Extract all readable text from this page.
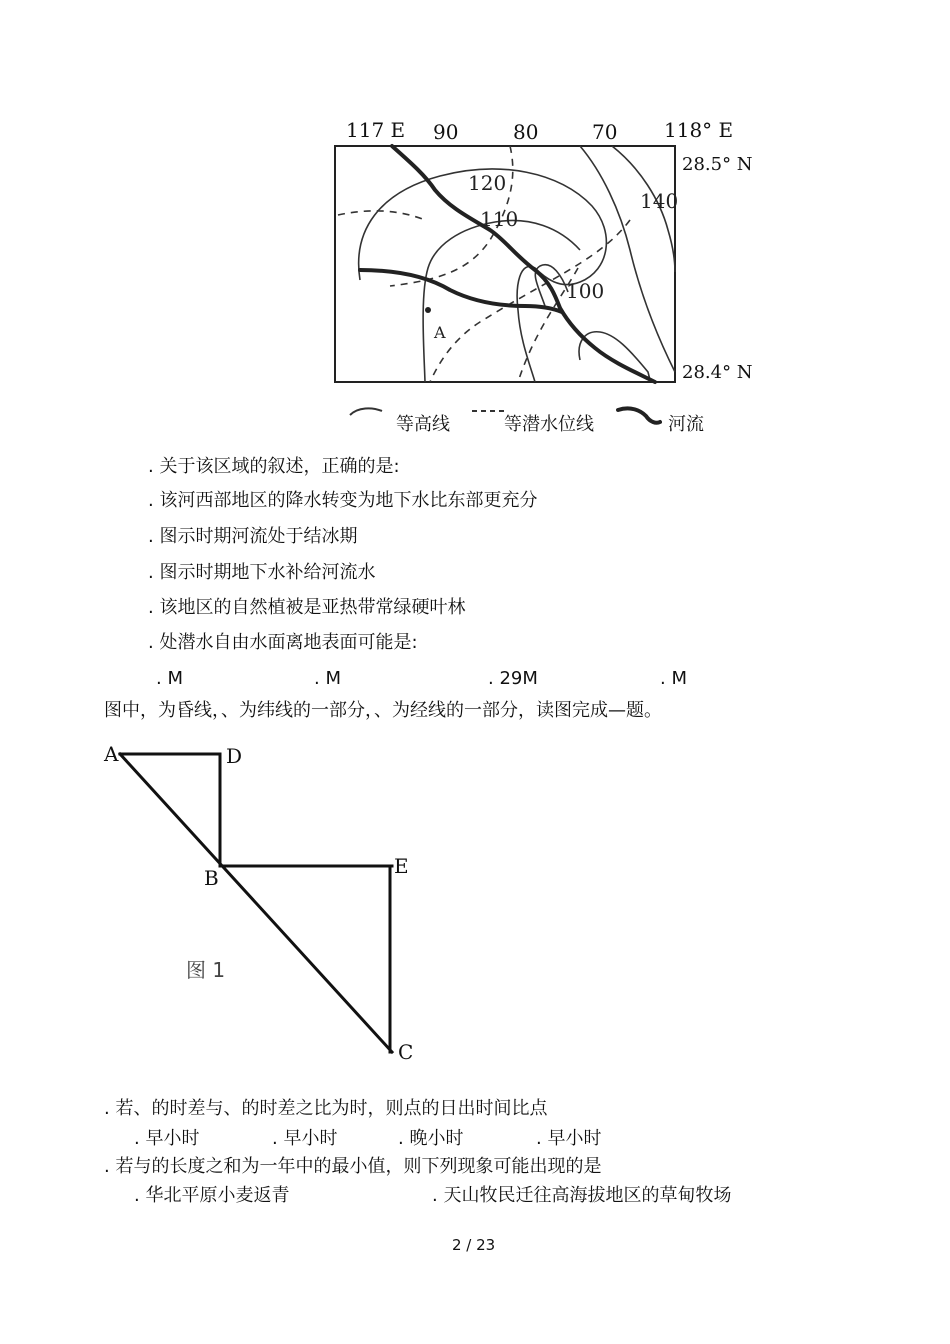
117 E 90	80	70 118° E
28.5° N
28.4° N
120
110
140
100
A
等高线	等潜水位线	河流
. 关于该区域的叙述，正确的是:
. 该河西部地区的降水转变为地下水比东部更充分
. 图示时期河流处于结冰期
. 图示时期地下水补给河流水
. 该地区的自然植被是亚热带常绿硬叶林
. 处潜水自由水面离地表面可能是:
. M	. M	. 29M	. M
图中，为昏线，、为纬线的一部分，、为经线的一部分，读图完成—题。
A	D
B	E
C
图 1
. 若、的时差与、的时差之比为时，则点的日出时间比点
. 早小时	. 早小时	. 晚小时	. 早小时
. 若与的长度之和为一年中的最小值，则下列现象可能出现的是
. 华北平原小麦返青	. 天山牧民迁往高海拔地区的草甸牧场
2 / 23
